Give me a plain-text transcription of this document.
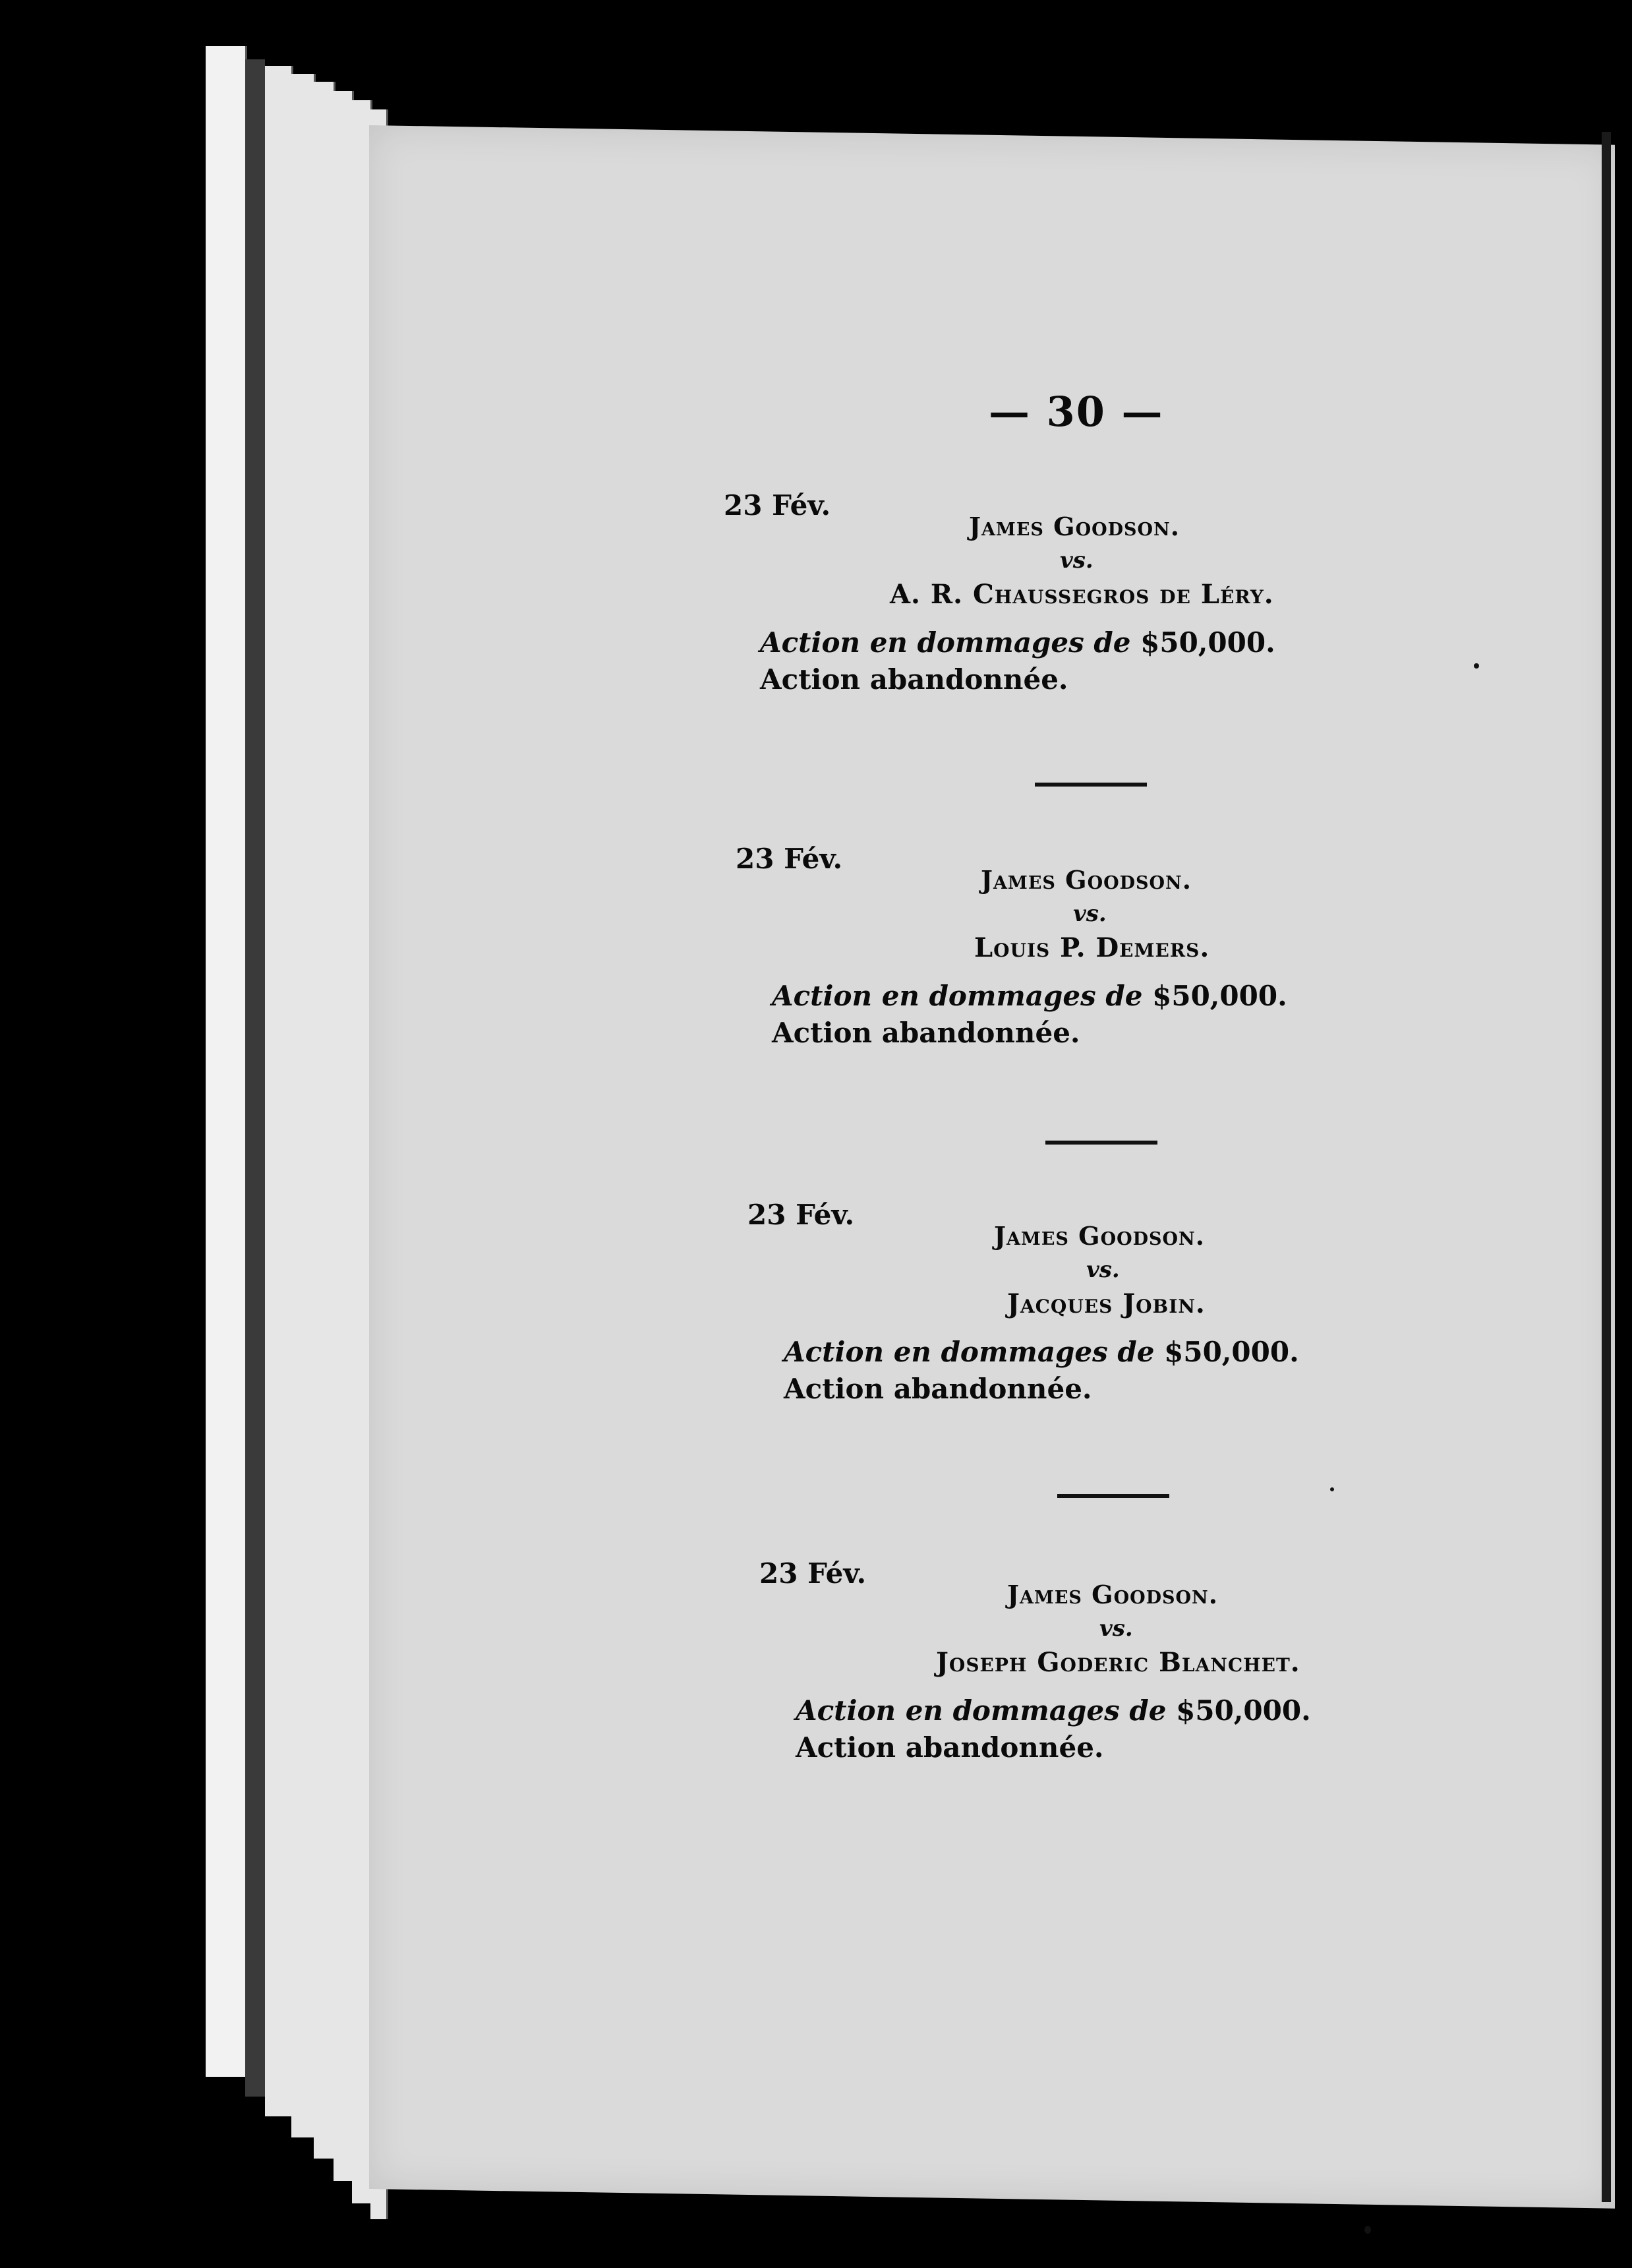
— 30 —
23 Fév.
James Goodson.
vs.
A. R. Chaussegros de Léry.
Action en dommages de $50,000.
Action abandonnée.
23 Fév.
James Goodson.
vs.
Louis P. Demers.
Action en dommages de $50,000.
Action abandonnée.
23 Fév.
James Goodson.
vs.
Jacques Jobin.
Action en dommages de $50,000.
Action abandonnée.
23 Fév.
James Goodson.
vs.
Joseph Goderic Blanchet.
Action en dommages de $50,000.
Action abandonnée.
